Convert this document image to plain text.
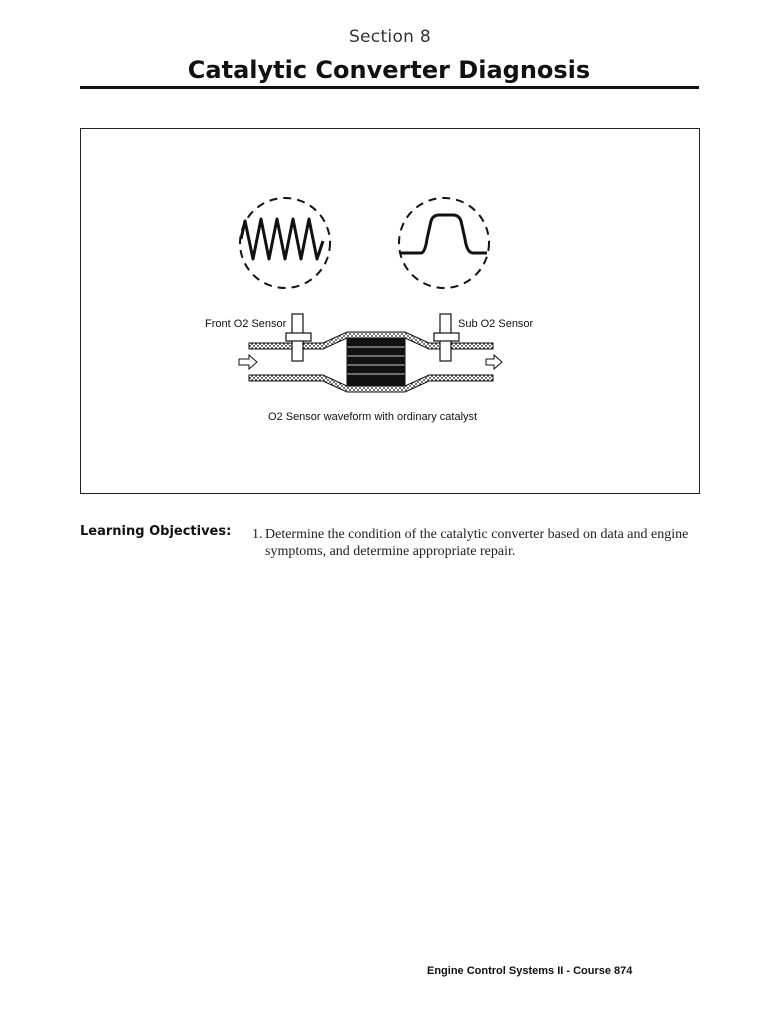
Section 8
Catalytic Converter Diagnosis
Front O2 Sensor	Sub O2 Sensor
O2 Sensor waveform with ordinary catalyst
Learning Objectives: 1. Determine the condition of the catalytic converter based on data and engine symptoms, and determine appropriate repair.
Engine Control Systems II - Course 874
